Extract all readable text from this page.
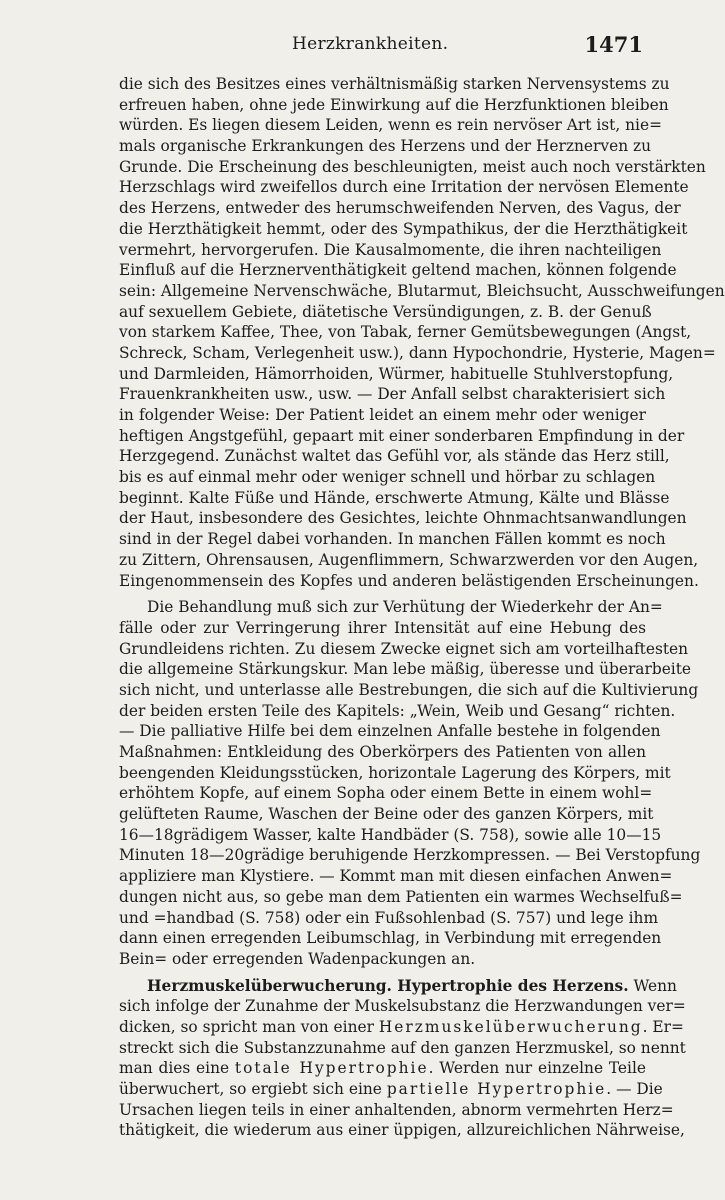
Herzkrankheiten.	1471
die sich des Besitzes eines verhältnismäßig starken Nervensystems zu
erfreuen haben, ohne jede Einwirkung auf die Herzfunktionen bleiben
würden. Es liegen diesem Leiden, wenn es rein nervöser Art ist, nie=
mals organische Erkrankungen des Herzens und der Herznerven zu
Grunde. Die Erscheinung des beschleunigten, meist auch noch verstärkten
Herzschlags wird zweifellos durch eine Irritation der nervösen Elemente
des Herzens, entweder des herumschweifenden Nerven, des Vagus, der
die Herzthätigkeit hemmt, oder des Sympathikus, der die Herzthätigkeit
vermehrt, hervorgerufen. Die Kausalmomente, die ihren nachteiligen
Einfluß auf die Herznerventhätigkeit geltend machen, können folgende
sein: Allgemeine Nervenschwäche, Blutarmut, Bleichsucht, Ausschweifungen
auf sexuellem Gebiete, diätetische Versündigungen, z. B. der Genuß
von starkem Kaffee, Thee, von Tabak, ferner Gemütsbewegungen (Angst,
Schreck, Scham, Verlegenheit usw.), dann Hypochondrie, Hysterie, Magen=
und Darmleiden, Hämorrhoiden, Würmer, habituelle Stuhlverstopfung,
Frauenkrankheiten usw., usw. — Der Anfall selbst charakterisiert sich
in folgender Weise: Der Patient leidet an einem mehr oder weniger
heftigen Angstgefühl, gepaart mit einer sonderbaren Empfindung in der
Herzgegend. Zunächst waltet das Gefühl vor, als stände das Herz still,
bis es auf einmal mehr oder weniger schnell und hörbar zu schlagen
beginnt. Kalte Füße und Hände, erschwerte Atmung, Kälte und Blässe
der Haut, insbesondere des Gesichtes, leichte Ohnmachtsanwandlungen
sind in der Regel dabei vorhanden. In manchen Fällen kommt es noch
zu Zittern, Ohrensausen, Augenflimmern, Schwarzwerden vor den Augen,
Eingenommensein des Kopfes und anderen belästigenden Erscheinungen.
Die Behandlung muß sich zur Verhütung der Wiederkehr der An=
fälle oder zur Verringerung ihrer Intensität auf eine Hebung des
Grundleidens richten. Zu diesem Zwecke eignet sich am vorteilhaftesten
die allgemeine Stärkungskur. Man lebe mäßig, überesse und überarbeite
sich nicht, und unterlasse alle Bestrebungen, die sich auf die Kultivierung
der beiden ersten Teile des Kapitels: „Wein, Weib und Gesang“ richten.
— Die palliative Hilfe bei dem einzelnen Anfalle bestehe in folgenden
Maßnahmen: Entkleidung des Oberkörpers des Patienten von allen
beengenden Kleidungsstücken, horizontale Lagerung des Körpers, mit
erhöhtem Kopfe, auf einem Sopha oder einem Bette in einem wohl=
gelüfteten Raume, Waschen der Beine oder des ganzen Körpers, mit
16—18grädigem Wasser, kalte Handbäder (S. 758), sowie alle 10—15
Minuten 18—20grädige beruhigende Herzkompressen. — Bei Verstopfung
appliziere man Klystiere. — Kommt man mit diesen einfachen Anwen=
dungen nicht aus, so gebe man dem Patienten ein warmes Wechselfuß=
und =handbad (S. 758) oder ein Fußsohlenbad (S. 757) und lege ihm
dann einen erregenden Leibumschlag, in Verbindung mit erregenden
Bein= oder erregenden Wadenpackungen an.
Herzmuskelüberwucherung. Hypertrophie des Herzens. Wenn
sich infolge der Zunahme der Muskelsubstanz die Herzwandungen ver=
dicken, so spricht man von einer Herzmuskelüberwucherung. Er=
streckt sich die Substanzzunahme auf den ganzen Herzmuskel, so nennt
man dies eine totale Hypertrophie. Werden nur einzelne Teile
überwuchert, so ergiebt sich eine partielle Hypertrophie. — Die
Ursachen liegen teils in einer anhaltenden, abnorm vermehrten Herz=
thätigkeit, die wiederum aus einer üppigen, allzureichlichen Nährweise,
